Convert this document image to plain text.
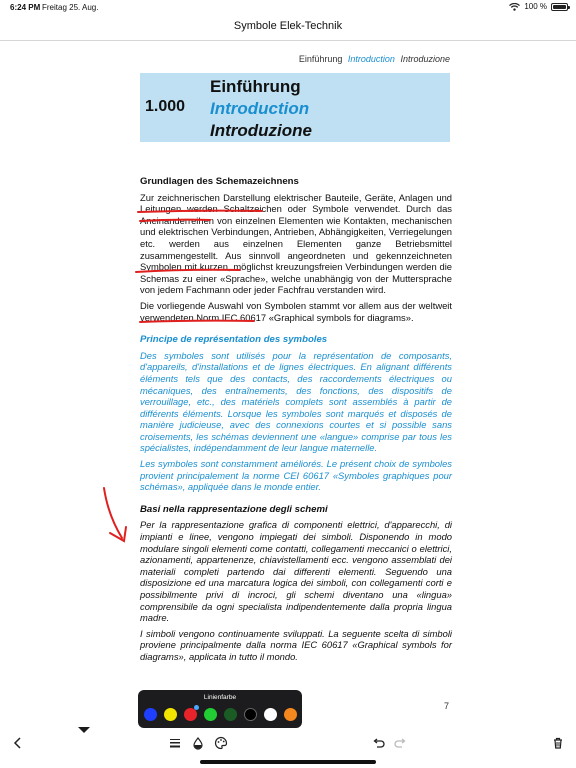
6:24 PM Freitag 25. Aug.	100 %
Symbole Elek-Technik
Einführung Introduction Introduzione
1.000
Einführung
Introduction
Introduzione
Grundlagen des Schemazeichnens

Zur zeichnerischen Darstellung elektrischer Bauteile, Geräte, Anlagen und Leitungen werden Schaltzeichen oder Symbole verwendet. Durch das Aneinanderreihen von einzelnen Elementen wie Kontakten, mechanischen und elektrischen Verbindungen, Antrieben, Abhängigkeiten, Verriegelungen etc. werden aus einzelnen Elementen ganze Betriebsmittel zusammengestellt. Aus sinnvoll angeordneten und gekennzeichneten Symbolen mit kurzen, möglichst kreuzungsfreien Verbindungen werden die Schemas zu einer «Sprache», welche unabhängig von der Muttersprache von jedem Fachmann oder jeder Fachfrau verstanden wird.

Die vorliegende Auswahl von Symbolen stammt vor allem aus der weltweit verwendeten Norm IEC 60617 «Graphical symbols for diagrams».

Principe de représentation des symboles

Des symboles sont utilisés pour la représentation de composants, d'appareils, d'installations et de lignes électriques. En alignant différents éléments tels que des contacts, des raccordements électriques ou mécaniques, des entraînements, des fonctions, des dispositifs de verrouillage, etc., des matériels complets sont assemblés à partir de différents éléments. Lorsque les symboles sont marqués et disposés de manière judicieuse, avec des connexions courtes et si possible sans croisements, les schémas deviennent une «langue» comprise par tous les spécialistes, indépendamment de leur langue maternelle.

Les symboles sont constamment améliorés. Le présent choix de symboles provient principalement la norme CEI 60617 «Symboles graphiques pour schémas», appliquée dans le monde entier.

Basi nella rappresentazione degli schemi

Per la rappresentazione grafica di componenti elettrici, d'apparecchi, di impianti e linee, vengono impiegati dei simboli. Disponendo in modo modulare singoli elementi come contatti, collegamenti meccanici o elettrici, azionamenti, appartenenze, chiavistellamenti ecc. vengono assemblati dei materiali completi partendo dai differenti elementi. Seguendo una disposizione ed una marcatura logica dei simboli, con collegamenti corti e possibilmente privi di incroci, gli schemi diventano una «lingua» comprensibile da ogni specialista indipendentemente dalla propria lingua madre.

I simboli vengono continuamente sviluppati. La seguente scelta di simboli proviene principalmente dalla norma IEC 60617 «Graphical symbols for diagrams», applicata in tutto il mondo.

7
Linienfarbe
